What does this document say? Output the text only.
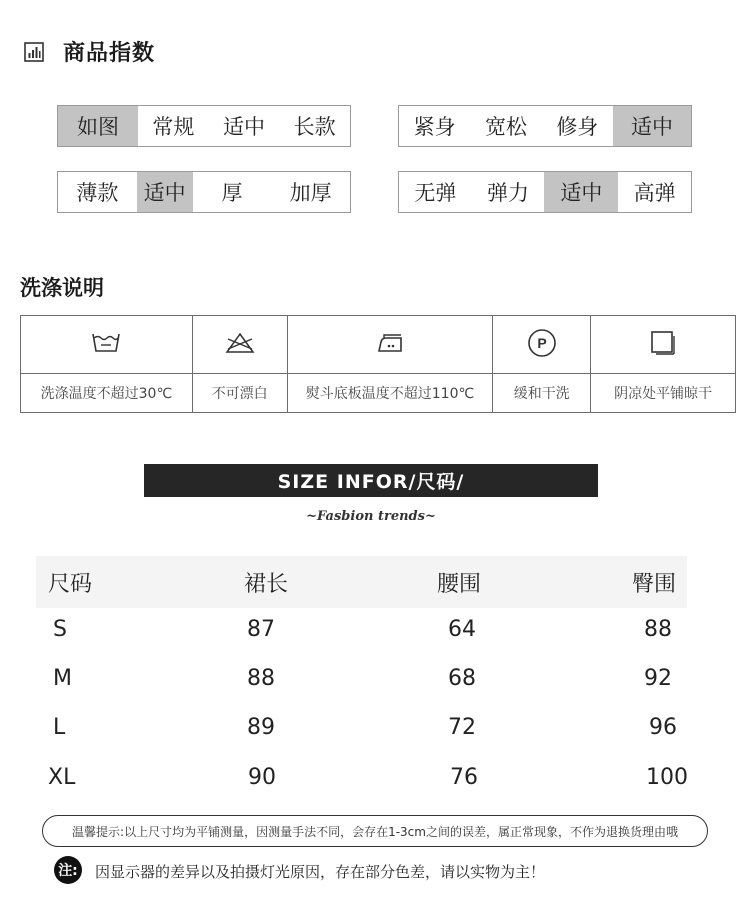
商品指数
如图	常规	适中	长款	紧身	宽松	修身	适中
薄款	适中	厚	加厚	无弹	弹力	适中	高弹
洗涤说明

P

洗涤温度不超过30℃	不可漂白	熨斗底板温度不超过110℃	缓和干洗	阴凉处平铺晾干
SIZE INFOR/尺码/
~Fasbion trends~
尺码	裙长	腰围	臀围
S	87	64	88
M	88	68	92
L	89	72	96
XL	90	76	100
温馨提示:以上尺寸均为平铺测量，因测量手法不同，会存在1-3cm之间的误差，属正常现象，不作为退换货理由哦
注: 因显示器的差异以及拍摄灯光原因，存在部分色差，请以实物为主！
